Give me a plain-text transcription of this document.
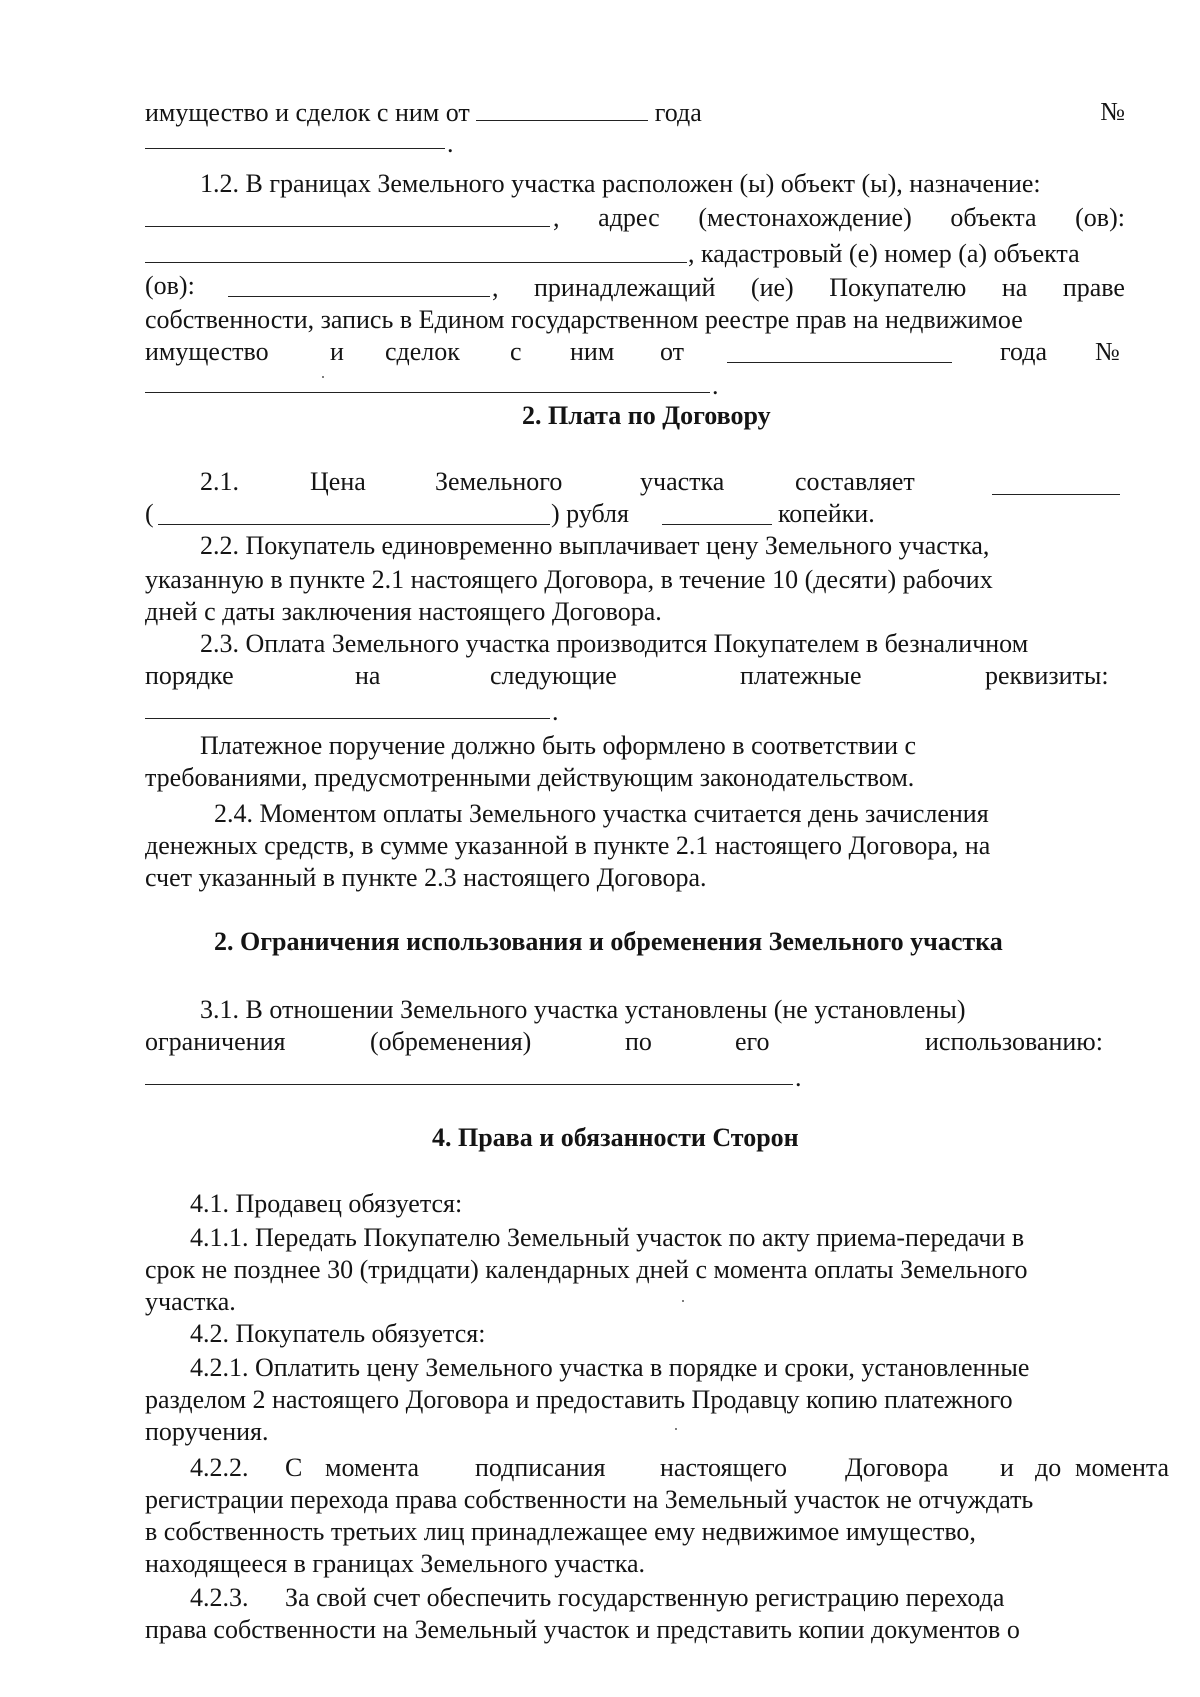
имущество и сделок с ним от	года	№
.
1.2. В границах Земельного участка расположен (ы) объект (ы), назначение:
, адрес (местонахождение) объекта (ов):
, кадастровый (е) номер (а) объекта
(ов):	, принадлежащий (ие) Покупателю на праве
собственности, запись в Едином государственном реестре прав на недвижимое
имущество и сделок с ним от	года №
.
2. Плата по Договору
2.1.	Цена	Земельного	участка	составляет
(	) рубля	копейки.
2.2. Покупатель единовременно выплачивает цену Земельного участка,
указанную в пункте 2.1 настоящего Договора, в течение 10 (десяти) рабочих
дней с даты заключения настоящего Договора.
2.3. Оплата Земельного участка производится Покупателем в безналичном
порядке	на	следующие	платежные	реквизиты:
.
Платежное поручение должно быть оформлено в соответствии с
требованиями, предусмотренными действующим законодательством.
2.4. Моментом оплаты Земельного участка считается день зачисления
денежных средств, в сумме указанной в пункте 2.1 настоящего Договора, на
счет указанный в пункте 2.3 настоящего Договора.
2. Ограничения использования и обременения Земельного участка
3.1. В отношении Земельного участка установлены (не установлены)
ограничения	(обременения)	по	его	использованию:
.
4. Права и обязанности Сторон
4.1. Продавец обязуется:
4.1.1. Передать Покупателю Земельный участок по акту приема-передачи в
срок не позднее 30 (тридцати) календарных дней с момента оплаты Земельного
участка.
4.2. Покупатель обязуется:
4.2.1. Оплатить цену Земельного участка в порядке и сроки, установленные
разделом 2 настоящего Договора и предоставить Продавцу копию платежного
поручения.
4.2.2. С момента подписания настоящего Договора и до момента
регистрации перехода права собственности на Земельный участок не отчуждать
в собственность третьих лиц принадлежащее ему недвижимое имущество,
находящееся в границах Земельного участка.
4.2.3.	За свой счет обеспечить государственную регистрацию перехода
права собственности на Земельный участок и представить копии документов о
